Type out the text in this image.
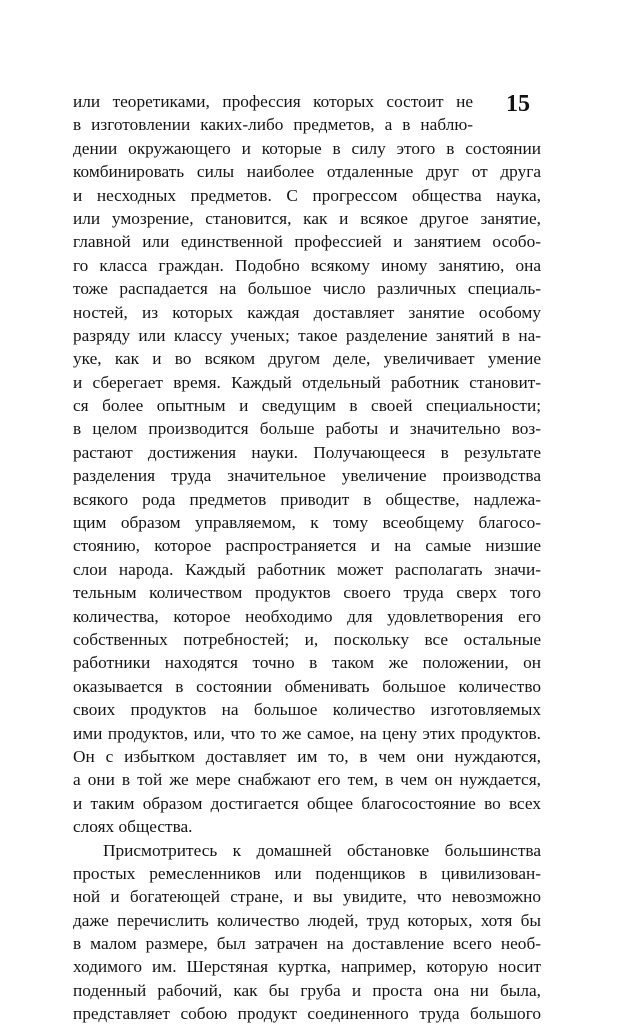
15
или теоретиками, профессия которых состоит не
в изготовлении каких-либо предметов, а в наблю-
дении окружающего и которые в силу этого в состоянии
комбинировать силы наиболее отдаленные друг от друга
и несходных предметов. С прогрессом общества наука,
или умозрение, становится, как и всякое другое занятие,
главной или единственной профессией и занятием особо-
го класса граждан. Подобно всякому иному занятию, она
тоже распадается на большое число различных специаль-
ностей, из которых каждая доставляет занятие особому
разряду или классу ученых; такое разделение занятий в на-
уке, как и во всяком другом деле, увеличивает умение
и сберегает время. Каждый отдельный работник становит-
ся более опытным и сведущим в своей специальности;
в целом производится больше работы и значительно воз-
растают достижения науки. Получающееся в результате
разделения труда значительное увеличение производства
всякого рода предметов приводит в обществе, надлежа-
щим образом управляемом, к тому всеобщему благосо-
стоянию, которое распространяется и на самые низшие
слои народа. Каждый работник может располагать значи-
тельным количеством продуктов своего труда сверх того
количества, которое необходимо для удовлетворения его
собственных потребностей; и, поскольку все остальные
работники находятся точно в таком же положении, он
оказывается в состоянии обменивать большое количество
своих продуктов на большое количество изготовляемых
ими продуктов, или, что то же самое, на цену этих продуктов.
Он с избытком доставляет им то, в чем они нуждаются,
а они в той же мере снабжают его тем, в чем он нуждается,
и таким образом достигается общее благосостояние во всех
слоях общества.
Присмотритесь к домашней обстановке большинства
простых ремесленников или поденщиков в цивилизован-
ной и богатеющей стране, и вы увидите, что невозможно
даже перечислить количество людей, труд которых, хотя бы
в малом размере, был затрачен на доставление всего необ-
ходимого им. Шерстяная куртка, например, которую носит
поденный рабочий, как бы груба и проста она ни была,
представляет собою продукт соединенного труда большого
